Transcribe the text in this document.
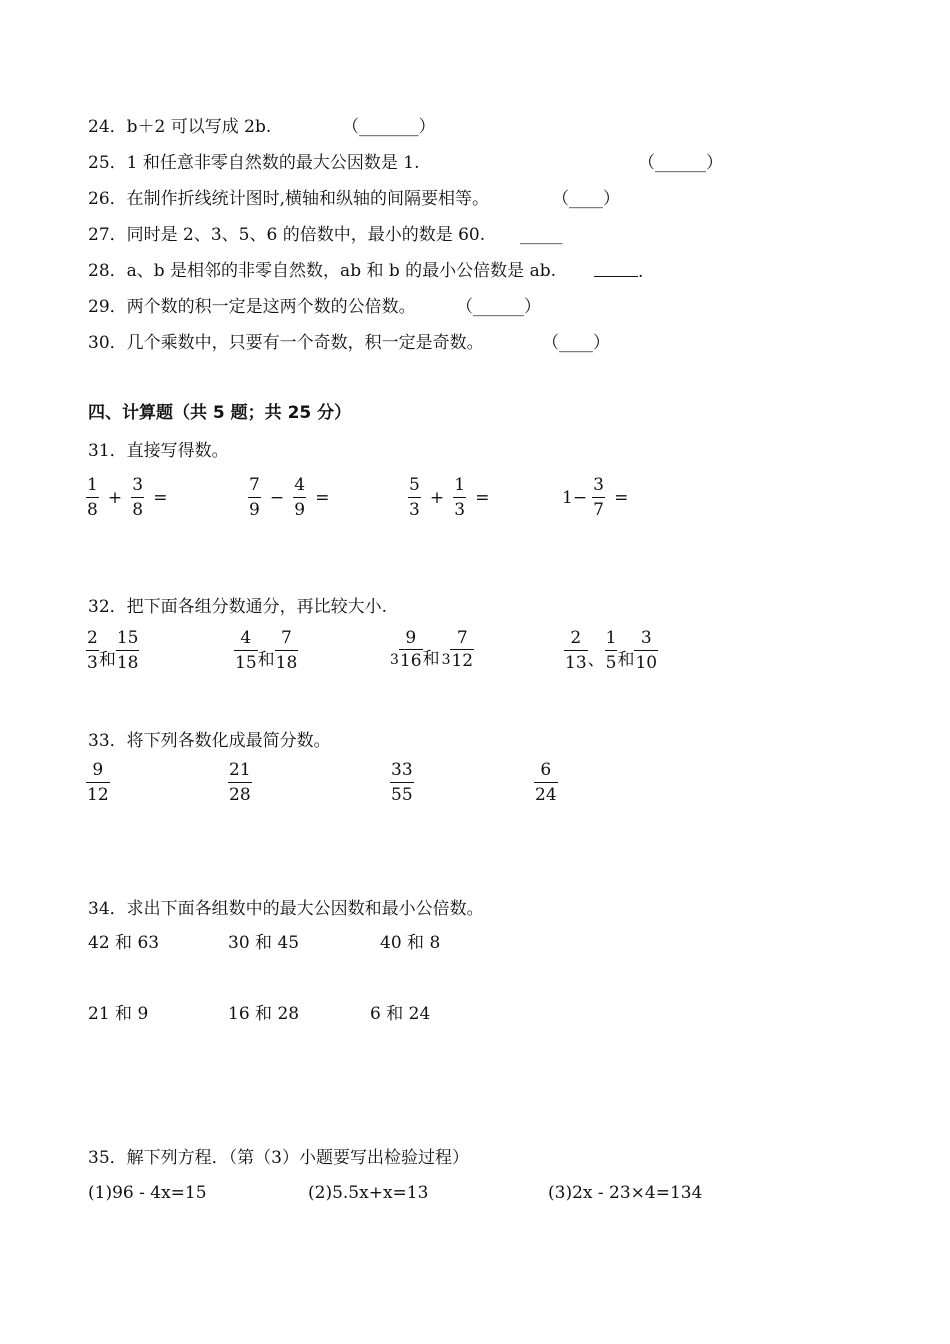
24．b＋2 可以写成 2b.	（_______）
25．1 和任意非零自然数的最大公因数是 1.	（______）
26．在制作折线统计图时,横轴和纵轴的间隔要相等。	（____）
27．同时是 2、3、5、6 的倍数中，最小的数是 60. _____
28．a、b 是相邻的非零自然数，ab 和 b 的最小公倍数是 ab.	.
29．两个数的积一定是这两个数的公倍数。 （______）
30．几个乘数中，只要有一个奇数，积一定是奇数。	（____）
四、计算题（共 5 题；共 25 分）
31．直接写得数。
$\frac{1}{8} + \frac{3}{8}$ =	$\frac{7}{9} - \frac{4}{9}$ =	$\frac{5}{3} + \frac{1}{3}$ =	$1- \frac{3}{7}$ =
32．把下面各组分数通分，再比较大小.
$\frac{2}{3}$ 和 $\frac{15}{18}$	$\frac{4}{15}$ 和 $\frac{7}{18}$	$3 \frac{9}{16}$ 和 $3 \frac{7}{12}$	$\frac{2}{13}$ 、 $\frac{1}{5}$ 和 $\frac{3}{10}$
33．将下列各数化成最简分数。
$\frac{9}{12}$	$\frac{21}{28}$	$\frac{33}{55}$	$\frac{6}{24}$
34．求出下面各组数中的最大公因数和最小公倍数。
42 和 63	30 和 45	40 和 8
21 和 9	16 和 28	6 和 24
35．解下列方程．（第（3）小题要写出检验过程）
(1)96 - 4x=15	(2)5.5x+x=13	(3)2x - 23×4=134
